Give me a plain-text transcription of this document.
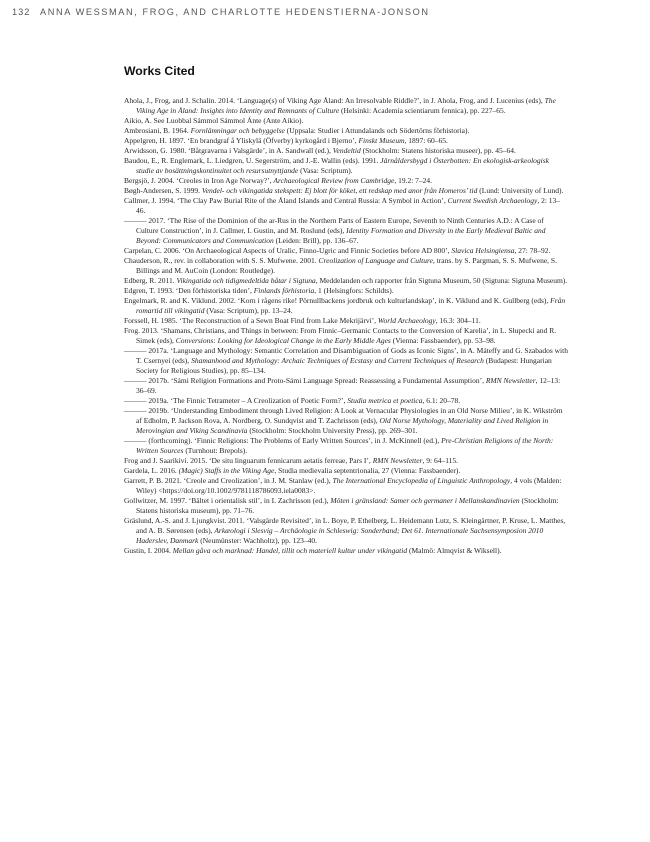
132 ANNA WESSMAN, FROG, AND CHARLOTTE HEDENSTIERNA-JONSON
Works Cited

Ahola, J., Frog, and J. Schalin. 2014. ‘Language(s) of Viking Age Åland: An Irresolvable Riddle?’, in J. Ahola, Frog, and J. Lucenius (eds), The Viking Age in Åland: Insights into Identity and Remnants of Culture (Helsinki: Academia scientiarum fennica), pp. 227–65.

Aikio, A. See Luobbal Sámmol Sámmol Ánte (Ante Aikio).

Ambrosiani, B. 1964. Fornlämningar och bebyggelse (Uppsala: Studier i Attundalands och Södertörns förhistoria).

Appelgren, H. 1897. ‘En brandgraf å Yliskylä (Öfverby) kyrkogård i Bjerno’, Finskt Museum, 1897: 60–65.

Arwidsson, G. 1980. ‘Båtgravarna i Valsgärde’, in A. Sandwall (ed.), Vendeltid (Stockholm: Statens historiska museer), pp. 45–64.

Baudou, E., R. Englemark, L. Liedgren, U. Segerström, and J.-E. Wallin (eds). 1991. Järnåldersbygd i Österbotten: En ekologisk-arkeologisk studie av bosättningskontinuitet och resursutnyttjande (Vasa: Scriptum).

Bergsjö, J. 2004. ‘Creoles in Iron Age Norway?’, Archaeological Review from Cambridge, 19.2: 7–24.

Bøgh-Andersen, S. 1999. Vendel- och vikingatida stekspett: Ej blott för köket, ett redskap med anor från Homeros’ tid (Lund: University of Lund).

Callmer, J. 1994. ‘The Clay Paw Burial Rite of the Åland Islands and Central Russia: A Symbol in Action’, Current Swedish Archaeology, 2: 13–46.

——— 2017. ‘The Rise of the Dominion of the ar-Rus in the Northern Parts of Eastern Europe, Seventh to Ninth Centuries A.D.: A Case of Culture Construction’, in J. Callmer, I. Gustin, and M. Roslund (eds), Identity Formation and Diversity in the Early Medieval Baltic and Beyond: Communicators and Communication (Leiden: Brill), pp. 136–67.

Carpelan, C. 2006. ‘On Archaeological Aspects of Uralic, Finno-Ugric and Finnic Societies before AD 800’, Slavica Helsingiensa, 27: 78–92.

Chauderson, R., rev. in collaboration with S. S. Mufwene. 2001. Creolization of Language and Culture, trans. by S. Pargman, S. S. Mufwene, S. Billings and M. AuCoin (London: Routledge).

Edberg, R. 2011. Vikingatida och tidigmedeltida båtar i Sigtuna, Meddelanden och rapporter från Sigtuna Museum, 50 (Sigtuna: Sigtuna Museum).

Edgren, T. 1993. ‘Den förhistoriska tiden’, Finlands förhistoria, 1 (Helsingfors: Schildts).

Engelmark, R. and K. Viklund. 2002. ‘Korn i rågens rike! Pörnullbackens jordbruk och kulturlandskap’, in K. Viklund and K. Gullberg (eds), Från romartid till vikingatid (Vasa: Scriptum), pp. 13–24.

Forssell, H. 1985. ‘The Reconstruction of a Sewn Boat Find from Lake Mekrijärvi’, World Archaeology, 16.3: 304–11.

Frog. 2013. ‘Shamans, Christians, and Things in between: From Finnic–Germanic Contacts to the Conversion of Karelia’, in L. Słupecki and R. Simek (eds), Conversions: Looking for Ideological Change in the Early Middle Ages (Vienna: Fassbaender), pp. 53–98.

——— 2017a. ‘Language and Mythology: Semantic Correlation and Disambiguation of Gods as Iconic Signs’, in A. Máteffy and G. Szabados with T. Csernyei (eds), Shamanhood and Mythology: Archaic Techniques of Ecstasy and Current Techniques of Research (Budapest: Hungarian Society for Religious Studies), pp. 85–134.

——— 2017b. ‘Sámi Religion Formations and Proto-Sámi Language Spread: Reassessing a Fundamental Assumption’, RMN Newsletter, 12–13: 36–69.

——— 2019a. ‘The Finnic Tetrameter – A Creolization of Poetic Form?’, Studia metrica et poetica, 6.1: 20–78.

——— 2019b. ‘Understanding Embodiment through Lived Religion: A Look at Vernacular Physiologies in an Old Norse Milieu’, in K. Wikström af Edholm, P. Jackson Rova, A. Nordberg, O. Sundqvist and T. Zachrisson (eds), Old Norse Mythology, Materiality and Lived Religion in Merovingian and Viking Scandinavia (Stockholm: Stockholm University Press), pp. 269–301.

——— (forthcoming). ‘Finnic Religions: The Problems of Early Written Sources’, in J. McKinnell (ed.), Pre-Christian Religions of the North: Written Sources (Turnhout: Brepols).

Frog and J. Saarikivi. 2015. ‘De situ linguarum fennicarum aetatis ferreae, Pars I’, RMN Newsletter, 9: 64–115.

Gardela, L. 2016. (Magic) Staffs in the Viking Age, Studia medievalia septentrionalia, 27 (Vienna: Fassbaender).

Garrett, P. B. 2021. ‘Creole and Creolization’, in J. M. Stanlaw (ed.), The International Encyclopedia of Linguistic Anthropology, 4 vols (Malden: Wiley) <https://doi.org/10.1002/9781118786093.iela0083>.

Gollwitzer, M. 1997. ‘Bältet i orientalisk stil’, in I. Zachrisson (ed.), Möten i gränsland: Samer och germaner i Mellanskandinavien (Stockholm: Statens historiska museum), pp. 71–76.

Gräslund, A.-S. and J. Ljungkvist. 2011. ‘Valsgärde Revisited’, in L. Boye, P. Ethelberg, L. Heidemann Lutz, S. Kleingärtner, P. Kruse, L. Matthes, and A. B. Sørensen (eds), Arkæologi i Slesvig – Archäologie in Schleswig: Sonderband; Det 61. Internationale Sachsensymposion 2010 Haderslev, Danmark (Neumünster: Wachholtz), pp. 123–40.

Gustin, I. 2004. Mellan gåva och marknad: Handel, tillit och materiell kultur under vikingatid (Malmö: Almqvist & Wiksell).
